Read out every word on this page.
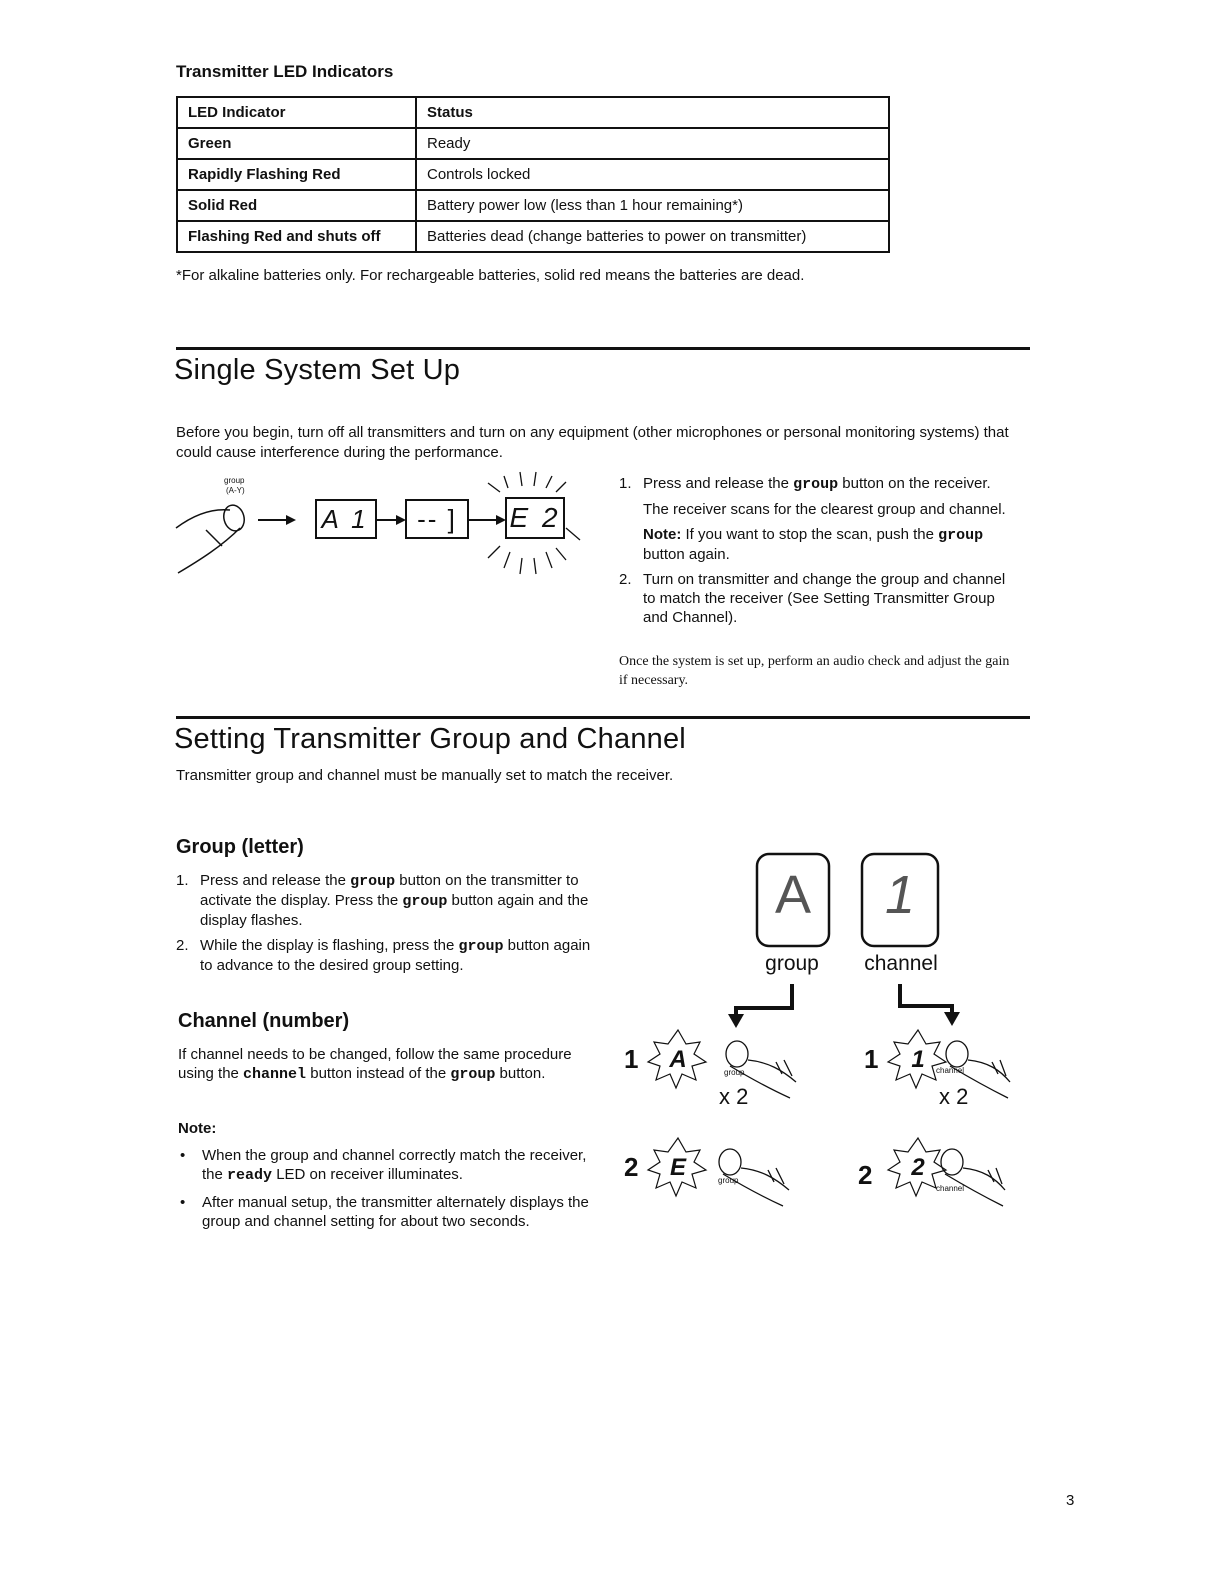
Transmitter LED Indicators
LED Indicator	Status
Green	Ready
Rapidly Flashing Red	Controls locked
Solid Red	Battery power low (less than 1 hour remaining*)
Flashing Red and shuts off	Batteries dead (change batteries to power on transmitter)
*For alkaline batteries only. For rechargeable batteries, solid red means the batteries are dead.
Single System Set Up
Before you begin, turn off all transmitters and turn on any equipment (other microphones or personal monitoring systems) that could cause interference during the performance.
group
(A-Y)
A 1	-- ]	E 2
1. Press and release the group button on the receiver.

The receiver scans for the clearest group and channel.

Note: If you want to stop the scan, push the group button again.

2. Turn on transmitter and change the group and channel to match the receiver (See Setting Transmitter Group and Channel).
Once the system is set up, perform an audio check and adjust the gain if necessary.
Setting Transmitter Group and Channel
Transmitter group and channel must be manually set to match the receiver.
Group (letter)
1. Press and release the group button on the transmitter to activate the display. Press the group button again and the display flashes.
2. While the display is flashing, press the group button again to advance to the desired group setting.
Channel (number)
If channel needs to be changed, follow the same procedure using the channel button instead of the group button.
Note:
• When the group and channel correctly match the receiver, the ready LED on receiver illuminates.
• After manual setup, the transmitter alternately displays the group and channel setting for about two seconds.
A	1
group	channel
1
2
1
2
A
E
1
2
group
group
channel
channel
x 2	x 2
3
